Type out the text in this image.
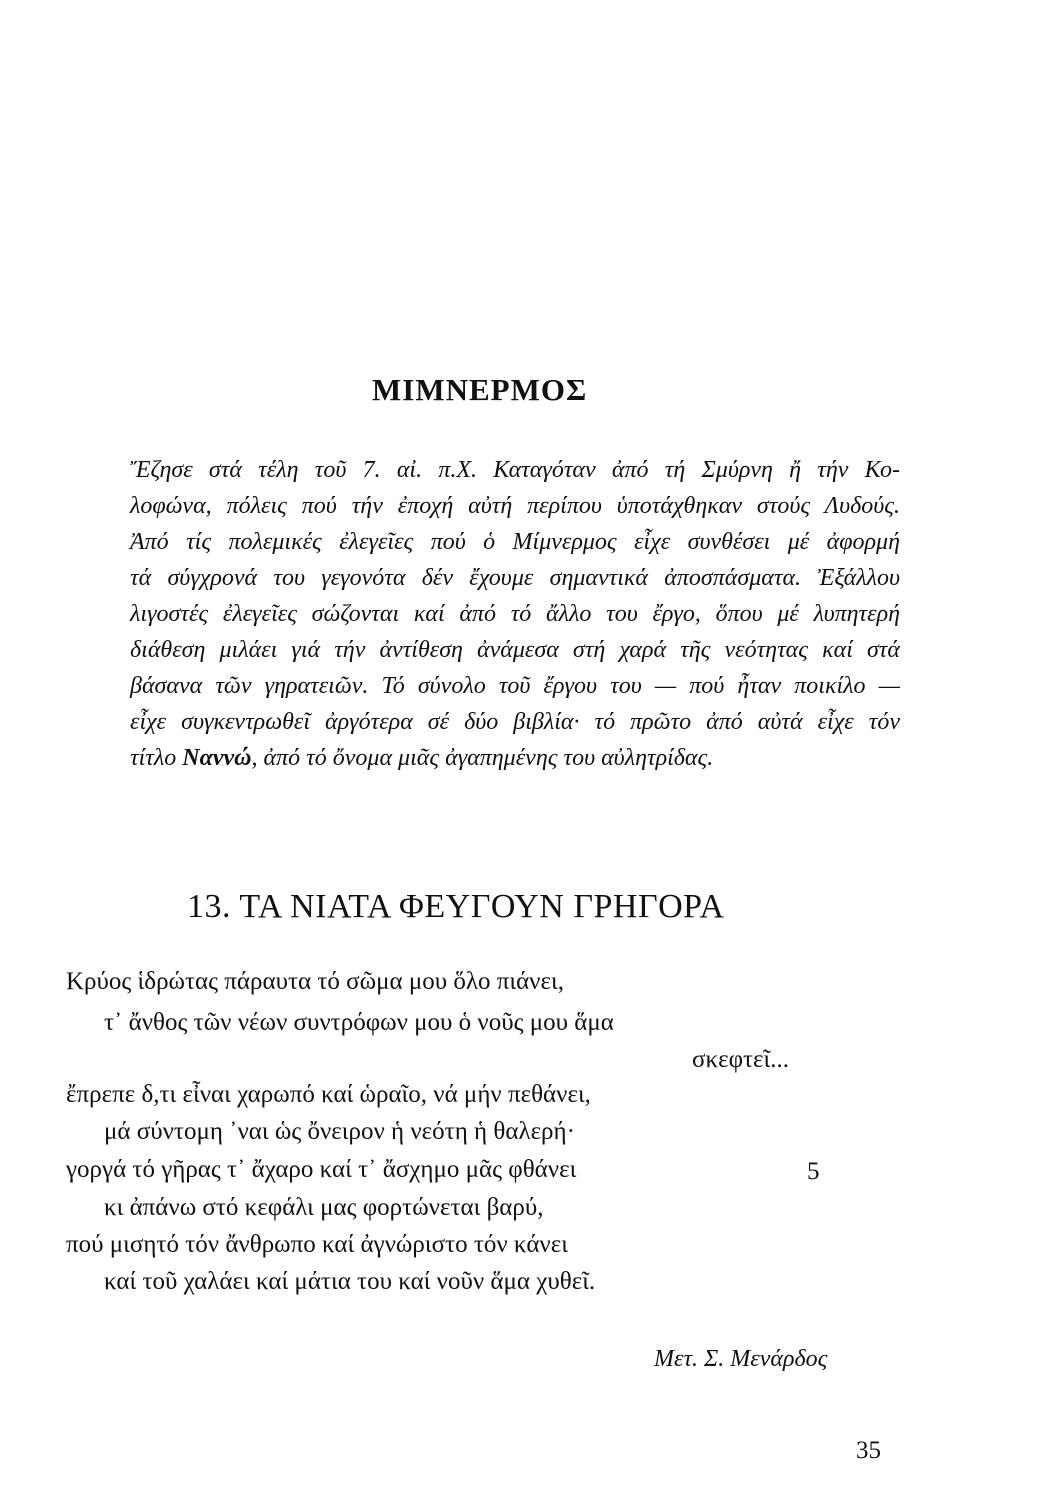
ΜΙΜΝΕΡΜΟΣ
Ἔζησε στά τέλη τοῦ 7. αἰ. π.Χ. Καταγόταν ἀπό τή Σμύρνη ἤ τήν Κο-
λοφώνα, πόλεις πού τήν ἐποχή αὐτή περίπου ὑποτάχθηκαν στούς Λυδούς.
Ἀπό τίς πολεμικές ἐλεγεῖες πού ὁ Μίμνερμος εἶχε συνθέσει μέ ἀφορμή
τά σύγχρονά του γεγονότα δέν ἔχουμε σημαντικά ἀποσπάσματα. Ἐξάλλου
λιγοστές ἐλεγεῖες σώζονται καί ἀπό τό ἄλλο του ἔργο, ὅπου μέ λυπητερή
διάθεση μιλάει γιά τήν ἀντίθεση ἀνάμεσα στή χαρά τῆς νεότητας καί στά
βάσανα τῶν γηρατειῶν. Τό σύνολο τοῦ ἔργου του — πού ἦταν ποικίλο —
εἶχε συγκεντρωθεῖ ἀργότερα σέ δύο βιβλία· τό πρῶτο ἀπό αὐτά εἶχε τόν
τίτλο Ναννώ, ἀπό τό ὄνομα μιᾶς ἀγαπημένης του αὐλητρίδας.
13. ΤΑ ΝΙΑΤΑ ΦΕΥΓΟΥΝ ΓΡΗΓΟΡΑ
Κρύος ἱδρώτας πάραυτα τό σῶμα μου ὅλο πιάνει,
τ᾽ ἄνθος τῶν νέων συντρόφων μου ὁ νοῦς μου ἅμα
σκεφτεῖ...
ἔπρεπε δ,τι εἶναι χαρωπό καί ὡραῖο, νά μήν πεθάνει,
μά σύντομη ᾽ναι ὡς ὄνειρον ἡ νεότη ἡ θαλερή·
γοργά τό γῆρας τ᾽ ἄχαρο καί τ᾽ ἄσχημο μᾶς φθάνει
κι ἀπάνω στό κεφάλι μας φορτώνεται βαρύ,
πού μισητό τόν ἄνθρωπο καί ἀγνώριστο τόν κάνει
καί τοῦ χαλάει καί μάτια του καί νοῦν ἅμα χυθεῖ.
5
Μετ. Σ. Μενάρδος
35
